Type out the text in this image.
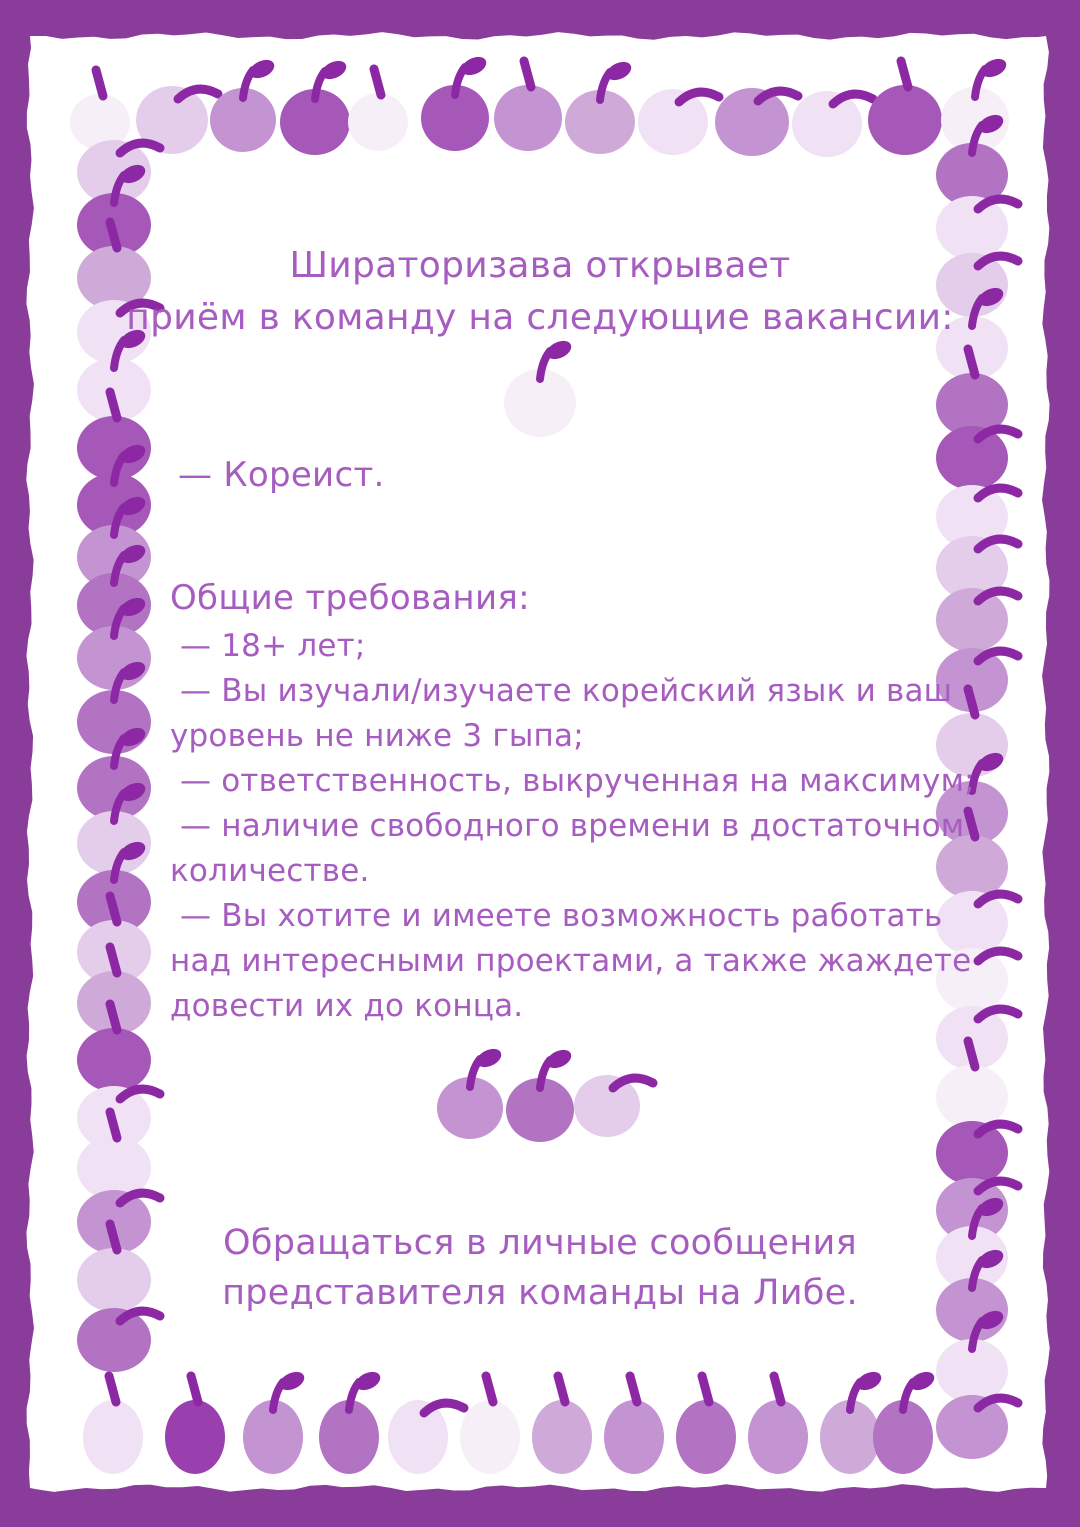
Шираторизава открывает
приём в команду на следующие вакансии:
— Кореист.
Общие требования:
— 18+ лет;
— Вы изучали/изучаете корейский язык и ваш
уровень не ниже 3 гыпа;
— ответственность, выкрученная на максимум;
— наличие свободного времени в достаточном
количестве.
— Вы хотите и имеете возможность работать
над интересными проектами, а также жаждете
довести их до конца.
Обращаться в личные сообщения
представителя команды на Либе.
